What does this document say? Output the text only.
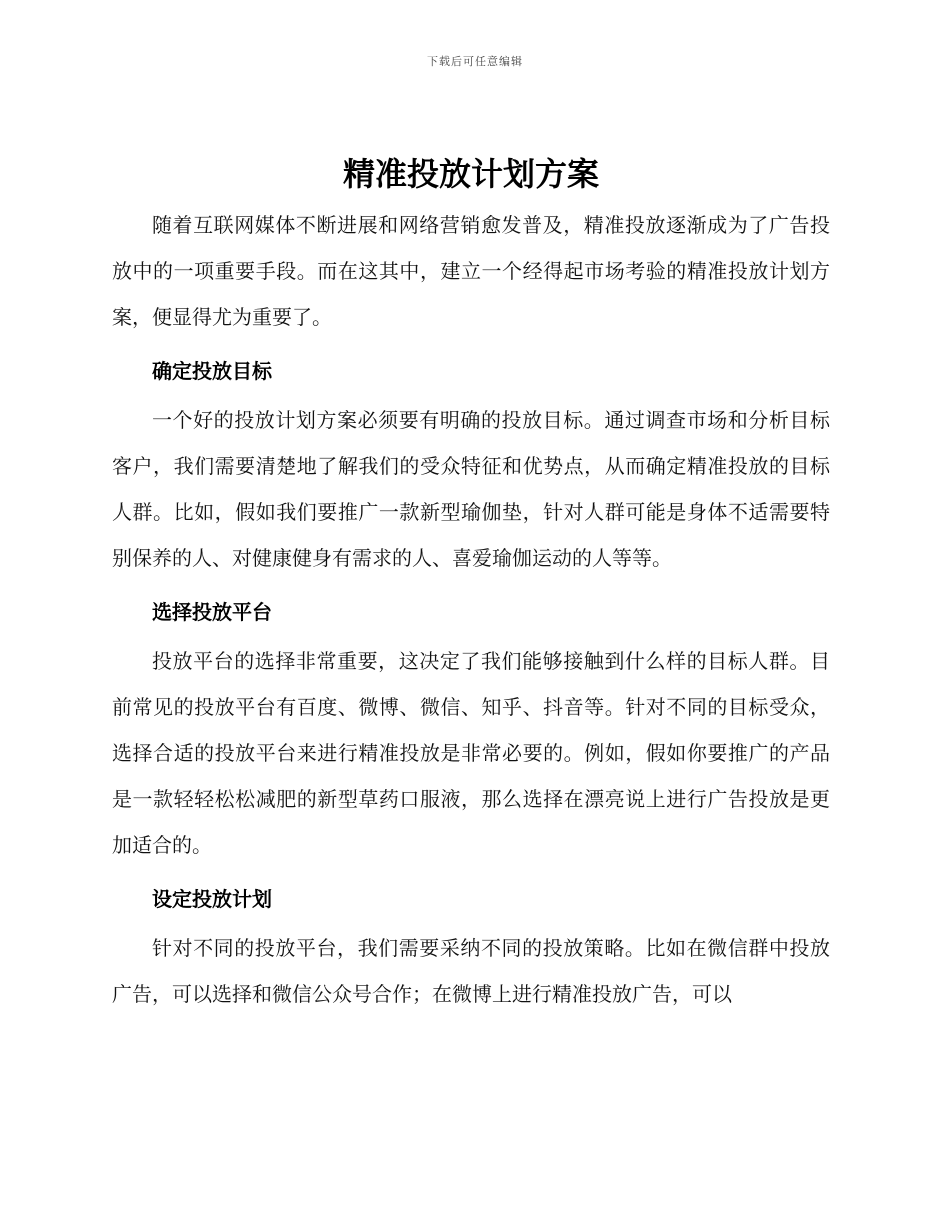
下载后可任意编辑
精准投放计划方案

随着互联网媒体不断进展和网络营销愈发普及，精准投放逐渐成为了广告投放中的一项重要手段。而在这其中，建立一个经得起市场考验的精准投放计划方案，便显得尤为重要了。

确定投放目标

一个好的投放计划方案必须要有明确的投放目标。通过调查市场和分析目标客户，我们需要清楚地了解我们的受众特征和优势点，从而确定精准投放的目标人群。比如，假如我们要推广一款新型瑜伽垫，针对人群可能是身体不适需要特别保养的人、对健康健身有需求的人、喜爱瑜伽运动的人等等。

选择投放平台

投放平台的选择非常重要，这决定了我们能够接触到什么样的目标人群。目前常见的投放平台有百度、微博、微信、知乎、抖音等。针对不同的目标受众，选择合适的投放平台来进行精准投放是非常必要的。例如，假如你要推广的产品是一款轻轻松松减肥的新型草药口服液，那么选择在漂亮说上进行广告投放是更加适合的。

设定投放计划

针对不同的投放平台，我们需要采纳不同的投放策略。比如在微信群中投放广告，可以选择和微信公众号合作；在微博上进行精准投放广告，可以
